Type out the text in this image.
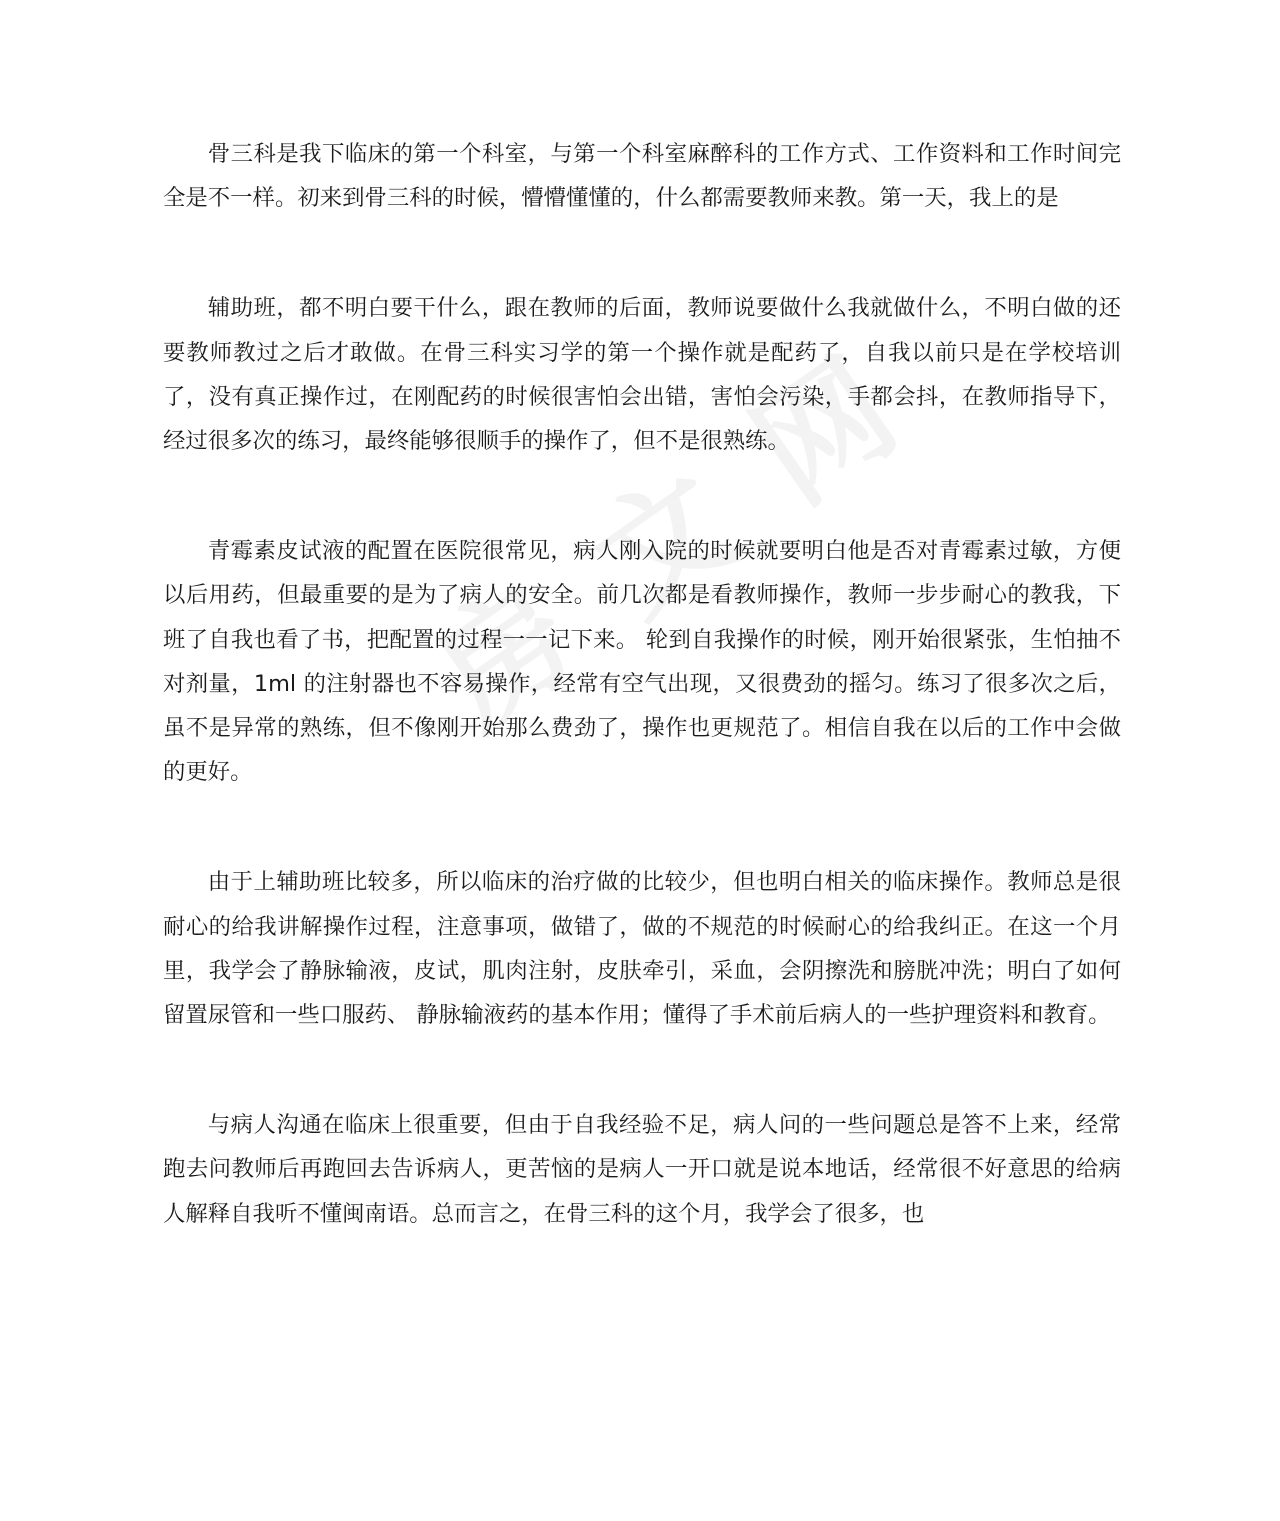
骨三科是我下临床的第一个科室，与第一个科室麻醉科的工作方式、工作资料和工作时间完全是不一样。初来到骨三科的时候，懵懵懂懂的，什么都需要教师来教。第一天，我上的是

辅助班，都不明白要干什么，跟在教师的后面，教师说要做什么我就做什么，不明白做的还要教师教过之后才敢做。在骨三科实习学的第一个操作就是配药了，自我以前只是在学校培训了，没有真正操作过，在刚配药的时候很害怕会出错，害怕会污染，手都会抖，在教师指导下，经过很多次的练习，最终能够很顺手的操作了，但不是很熟练。

青霉素皮试液的配置在医院很常见，病人刚入院的时候就要明白他是否对青霉素过敏，方便以后用药，但最重要的是为了病人的安全。前几次都是看教师操作，教师一步步耐心的教我，下班了自我也看了书，把配置的过程一一记下来。 轮到自我操作的时候，刚开始很紧张，生怕抽不对剂量，1ml 的注射器也不容易操作，经常有空气出现，又很费劲的摇匀。练习了很多次之后，虽不是异常的熟练，但不像刚开始那么费劲了，操作也更规范了。相信自我在以后的工作中会做的更好。

由于上辅助班比较多，所以临床的治疗做的比较少，但也明白相关的临床操作。教师总是很耐心的给我讲解操作过程，注意事项，做错了，做的不规范的时候耐心的给我纠正。在这一个月里，我学会了静脉输液，皮试，肌肉注射，皮肤牵引，采血，会阴擦洗和膀胱冲洗；明白了如何留置尿管和一些口服药、 静脉输液药的基本作用；懂得了手术前后病人的一些护理资料和教育。

与病人沟通在临床上很重要，但由于自我经验不足，病人问的一些问题总是答不上来，经常跑去问教师后再跑回去告诉病人，更苦恼的是病人一开口就是说本地话，经常很不好意思的给病人解释自我听不懂闽南语。总而言之，在骨三科的这个月，我学会了很多，也
